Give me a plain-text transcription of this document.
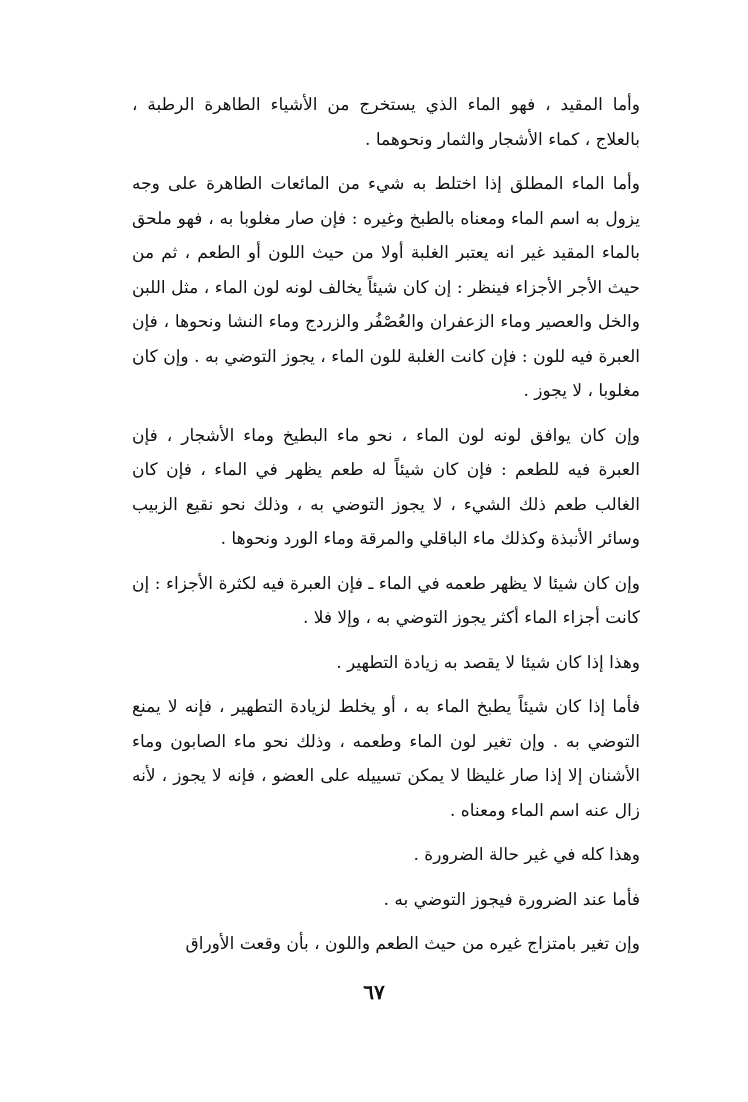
وأما المقيد ، فهو الماء الذي يستخرج من الأشياء الطاهرة الرطبة ، بالعلاج ، كماء الأشجار والثمار ونحوهما .

وأما الماء المطلق إذا اختلط به شيء من المائعات الطاهرة على وجه يزول به اسم الماء ومعناه بالطبخ وغيره : فإن صار مغلوبا به ، فهو ملحق بالماء المقيد غير انه يعتبر الغلبة أولا من حيث اللون أو الطعم ، ثم من حيث الأجر الأجزاء فينظر : إن كان شيئاً يخالف لونه لون الماء ، مثل اللبن والخل والعصير وماء الزعفران والعُصْفُر والزردج وماء النشا ونحوها ، فإن العبرة فيه للون : فإن كانت الغلبة للون الماء ، يجوز التوضي به . وإن كان مغلوبا ، لا يجوز .

وإن كان يوافق لونه لون الماء ، نحو ماء البطيخ وماء الأشجار ، فإن العبرة فيه للطعم : فإن كان شيئاً له طعم يظهر في الماء ، فإن كان الغالب طعم ذلك الشيء ، لا يجوز التوضي به ، وذلك نحو نقيع الزبيب وسائر الأنبذة وكذلك ماء الباقلي والمرقة وماء الورد ونحوها .

وإن كان شيئا لا يظهر طعمه في الماء ـ فإن العبرة فيه لكثرة الأجزاء : إن كانت أجزاء الماء أكثر يجوز التوضي به ، وإلا فلا .

وهذا إذا كان شيئا لا يقصد به زيادة التطهير .

فأما إذا كان شيئاً يطبخ الماء به ، أو يخلط لزيادة التطهير ، فإنه لا يمنع التوضي به . وإن تغير لون الماء وطعمه ، وذلك نحو ماء الصابون وماء الأشنان إلا إذا صار غليظا لا يمكن تسييله على العضو ، فإنه لا يجوز ، لأنه زال عنه اسم الماء ومعناه .

وهذا كله في غير حالة الضرورة .

فأما عند الضرورة فيجوز التوضي به .

وإن تغير بامتزاج غيره من حيث الطعم واللون ، بأن وقعت الأوراق

٦٧
